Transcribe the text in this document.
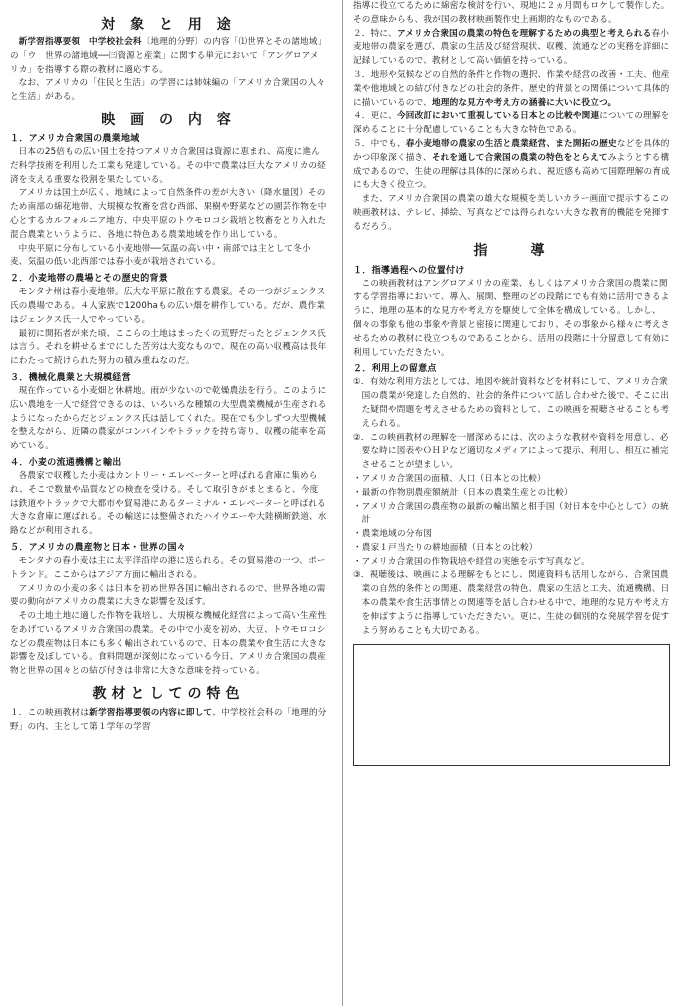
対 象 と 用 途

新学習指導要領　中学校社会科〔地理的分野〕の内容「⑴世界とその諸地域」の「ウ　世界の諸地域──㈢資源と産業」に関する単元において「アングロアメリカ」を指導する際の教材に適応する。

なお、アメリカの「住民と生活」の学習には姉妹編の「アメリカ合衆国の人々と生活」がある。

映 画 の 内 容

１．アメリカ合衆国の農業地域

日本の25倍もの広い国土を持つアメリカ合衆国は資源に恵まれ、高度に進んだ科学技術を利用した工業も発達している。その中で農業は巨大なアメリカの経済を支える重要な役割を果たしている。

アメリカは国土が広く、地域によって自然条件の差が大きい（降水量図）そのため南部の綿花地帯、大規模な牧畜を営む西部、果樹や野菜などの園芸作物を中心とするカルフォルニア地方、中央平原のトウモロコシ栽培と牧畜をとり入れた混合農業というように、各地に特色ある農業地域を作り出している。

中央平原に分布している小麦地帯──気温の高い中・南部では主として冬小麦、気温の低い北西部では春小麦が栽培されている。

２．小麦地帯の農場とその歴史的背景

モンタナ州は春小麦地帯。広大な平原に散在する農家。その一つがジェンクス氏の農場である。４人家族で1200haもの広い畑を耕作している。だが、農作業はジェンクス氏一人でやっている。

最初に開拓者が来た頃、ここらの土地はまったくの荒野だったとジェンクス氏は言う。それを耕せるまでにした苦労は大変なもので、現在の高い収穫高は長年にわたって続けられた努力の積み重ねなのだ。

３．機械化農業と大規模経営

現在作っている小麦畑と休耕地。雨が少ないので乾燥農法を行う。このように広い農地を一人で経営できるのは、いろいろな種類の大型農業機械が生産されるようになったからだとジェンクス氏は話してくれた。現在でも少しずつ大型機械を整えながら、近隣の農家がコンバインやトラックを持ち寄り、収穫の能率を高めている。

４．小麦の流通機構と輸出

各農家で収穫した小麦はカントリー・エレベーターと呼ばれる倉庫に集められ、そこで数量や品質などの検査を受ける。そして取引きがまとまると、今度は鉄道やトラックで大都市や貿易港にあるターミナル・エレベーターと呼ばれる大きな倉庫に運ばれる。その輸送には整備されたハイウエーや大陸横断鉄道、水路などが利用される。

５．アメリカの農産物と日本・世界の国々

モンタナの春小麦は主に太平洋沿岸の港に送られる。その貿易港の一つ、ポートランド。ここからはアジア方面に輸出される。

アメリカの小麦の多くは日本を初め世界各国に輸出されるので、世界各地の需要の動向がアメリカの農業に大きな影響を及ぼす。

その土地土地に適した作物を栽培し、大規模な機械化経営によって高い生産性をあげているアメリカ合衆国の農業。その中で小麦を初め、大豆、トウモロコシなどの農産物は日本にも多く輸出されているので、日本の農業や食生活に大きな影響を及ぼしている。食料問題が深刻になっている今日、アメリカ合衆国の農産物と世界の国々との結び付きは非常に大きな意味を持っている。

教材としての特色

１．この映画教材は新学習指導要領の内容に即して、中学校社会科の「地理的分野」の内、主として第１学年の学習

指導に役立てるために綿密な検討を行い、現地に２ヵ月間もロケして製作した。その意味からも、我が国の教材映画製作史上画期的なものである。

２．特に、アメリカ合衆国の農業の特色を理解するための典型と考えられる春小麦地帯の農家を選び、農家の生活及び経営現状、収穫、流通などの実務を詳細に記録しているので、教材として高い価値を持っている。

３．地形や気候などの自然的条件と作物の選択、作業や経営の改善・工夫、他産業や他地域との結び付きなどの社会的条件、歴史的背景との関係について具体的に描いているので、地理的な見方や考え方の涵養に大いに役立つ。

４．更に、今回改訂において重視している日本との比較や関連についての理解を深めることに十分配慮していることも大きな特色である。

５．中でも、春小麦地帯の農家の生活と農業経営、また開拓の歴史などを具体的かつ印象深く描き、それを通して合衆国の農業の特色をとらえてみようとする構成であるので、生徒の理解は具体的に深められ、視近感も高めて国際理解の育成にも大きく役立つ。

また、アメリカ合衆国の農業の雄大な規模を美しいカラー画面で提示するこの映画教材は、テレビ、挿絵、写真などでは得られない大きな教育的機能を発揮するだろう。

指　　導

１．指導過程への位置付け

この映画教材はアングロアメリカの産業、もしくはアメリカ合衆国の農業に関する学習指導において、導入、展開、整理のどの段階にでも有効に活用できるように、地理の基本的な見方や考え方を駆使して全体を構成している。しかし、個々の事象も他の事象や背景と密接に関連しており、その事象から様々に考えさせるための教材に役立つものであることから、活用の段階に十分留意して有効に利用していただきたい。

２．利用上の留意点

①．有効な利用方法としては、地図や統計資料などを材料にして、アメリカ合衆国の農業が発達した自然的、社会的条件について話し合わせた後で、そこに出た疑問や問題を考えさせるための資料として、この映画を視聴させることも考えられる。

②．この映画教材の理解を一層深めるには、次のような教材や資料を用意し、必要な時に図表やＯＨＰなど適切なメディアによって提示、利用し、相互に補完させることが望ましい。

・アメリカ合衆国の面積、人口（日本との比較）

・最新の作物別農産額統計（日本の農業生産との比較）

・アメリカ合衆国の農産物の最新の輸出額と相手国（対日本を中心として）の統計

・農業地域の分布図

・農家１戸当たりの耕地面積（日本との比較）

・アメリカ合衆国の作物栽培や経営の実態を示す写真など。

③．視聴後は、映画による理解をもとにし、関連資料も活用しながら、合衆国農業の自然的条件との関連、農業経営の特色、農家の生活と工夫、流通機構、日本の農業や食生活事情との関連等を話し合わせる中で、地理的な見方や考え方を伸ばすように指導していただきたい。更に、生徒の個別的な発展学習を促すよう努めることも大切である。
